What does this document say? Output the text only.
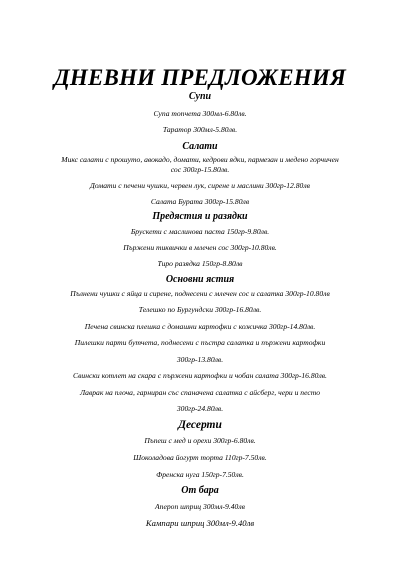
ДНЕВНИ ПРЕДЛОЖЕНИЯ
Супи
Супа топчета 300мл-6.80лв.
Таратор 300мл-5.80лв.
Салати
Микс салати с прошуто, авокадо, домати, кедрови ядки, пармезан и медено горчичен
сос 300гр-15.80лв.
Домати с печени чушки, червен лук, сирене и маслини 300гр-12.80лв
Салата Бурата 300гр-15.80лв
Предястия и разядки
Брускети с маслинова паста 150гр-9.80лв.
Пържени тиквички в млечен сос 300гр-10.80лв.
Тиро разядка 150гр-8.80лв
Основни ястия
Пълнени чушки с яйца и сирене, поднесени с млечен сос и салатка 300гр-10.80лв
Телешко по Бургундски 300гр-16.80лв.
Печена свинска плешка с домашни картофки с кожичка 300гр-14.80лв.
Пилешки парти бутчета, поднесени с пъстра салатка и пържени картофки
300гр-13.80лв.
Свински котлет на скара с пържени картофки и чобан салата 300гр-16.80лв.
Лаврак на плоча, гарниран със спаначена салатка с айсберг, чери и песто
300гр-24.80лв.
Десерти
Пъпеш с мед и орехи 300гр-6.80лв.
Шоколадова йогурт торта 110гр-7.50лв.
Френска нуга 150гр-7.50лв.
От бара
Апероп шприц 300мл-9.40лв
Кампари шприц 300мл-9.40лв
